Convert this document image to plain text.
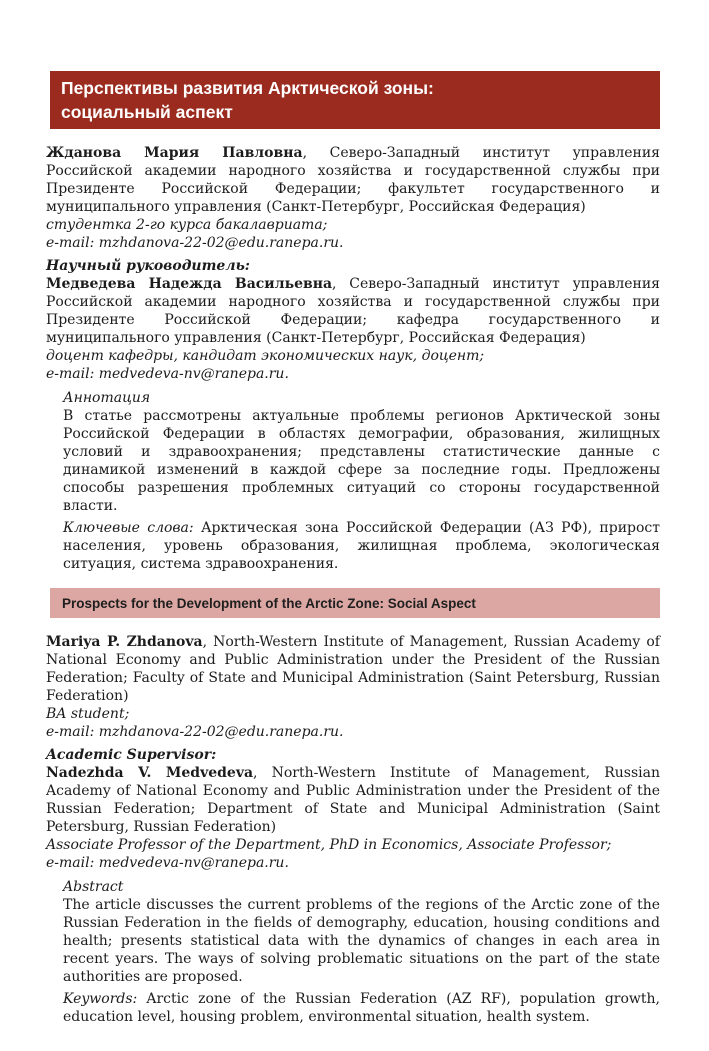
Перспективы развития Арктической зоны:
социальный аспект

Жданова Мария Павловна, Северо-Западный институт управления Российской академии народного хозяйства и государственной службы при Президенте Российской Федерации; факультет государственного и муниципального управления (Санкт-Петербург, Российская Федерация)

студентка 2-го курса бакалавриата;

e-mail: mzhdanova-22-02@edu.ranepa.ru.

Научный руководитель:

Медведева Надежда Васильевна, Северо-Западный институт управления Российской академии народного хозяйства и государственной службы при Президенте Российской Федерации; кафедра государственного и муниципального управления (Санкт-Петербург, Российская Федерация)

доцент кафедры, кандидат экономических наук, доцент;

e-mail: medvedeva-nv@ranepa.ru.

Аннотация

В статье рассмотрены актуальные проблемы регионов Арктической зоны Российской Федерации в областях демографии, образования, жилищных условий и здравоохранения; представлены статистические данные с динамикой изменений в каждой сфере за последние годы. Предложены способы разрешения проблемных ситуаций со стороны государственной власти.

Ключевые слова: Арктическая зона Российской Федерации (АЗ РФ), прирост населения, уровень образования, жилищная проблема, экологическая ситуация, система здравоохранения.

Prospects for the Development of the Arctic Zone: Social Aspect

Mariya P. Zhdanova, North-Western Institute of Management, Russian Academy of National Economy and Public Administration under the President of the Russian Federation; Faculty of State and Municipal Administration (Saint Petersburg, Russian Federation)

BA student;

e-mail: mzhdanova-22-02@edu.ranepa.ru.

Academic Supervisor:

Nadezhda V. Medvedeva, North-Western Institute of Management, Russian Academy of National Economy and Public Administration under the President of the Russian Federation; Department of State and Municipal Administration (Saint Petersburg, Russian Federation)

Associate Professor of the Department, PhD in Economics, Associate Professor;

e-mail: medvedeva-nv@ranepa.ru.

Abstract

The article discusses the current problems of the regions of the Arctic zone of the Russian Federation in the fields of demography, education, housing conditions and health; presents statistical data with the dynamics of changes in each area in recent years. The ways of solving problematic situations on the part of the state authorities are proposed.

Keywords: Arctic zone of the Russian Federation (AZ RF), population growth, education level, housing problem, environmental situation, health system.
